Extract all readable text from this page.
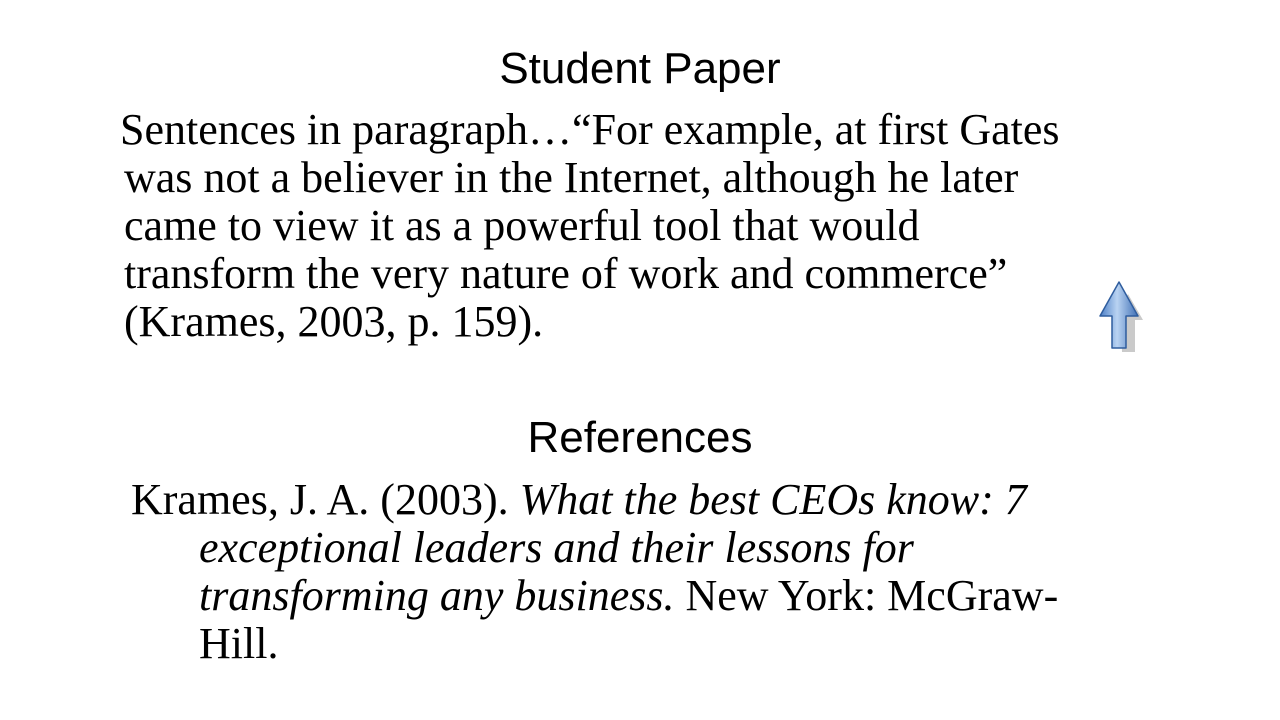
Student Paper

Sentences in paragraph…“For example, at first Gates

was not a believer in the Internet, although he later

came to view it as a powerful tool that would

transform the very nature of work and commerce”

(Krames, 2003, p. 159).

References

Krames, J. A. (2003). What the best CEOs know: 7

exceptional leaders and their lessons for

transforming any business. New York: McGraw-

Hill.
